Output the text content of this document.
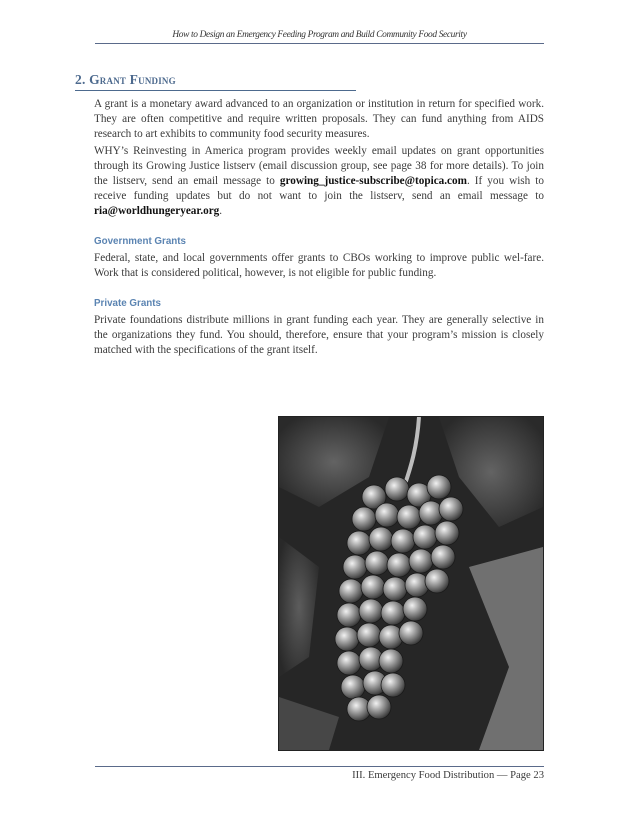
How to Design an Emergency Feeding Program and Build Community Food Security
2. Grant Funding

A grant is a monetary award advanced to an organization or institution in return for specified work. They are often competitive and require written proposals. They can fund anything from AIDS research to art exhibits to community food security measures.

WHY’s Reinvesting in America program provides weekly email updates on grant opportunities through its Growing Justice listserv (email discussion group, see page 38 for more details). To join the listserv, send an email message to growing_justice-subscribe@topica.com. If you wish to receive funding updates but do not want to join the listserv, send an email message to ria@worldhungeryear.org.

Government Grants

Federal, state, and local governments offer grants to CBOs working to improve public wel-fare. Work that is considered political, however, is not eligible for public funding.

Private Grants

Private foundations distribute millions in grant funding each year. They are generally selective in the organizations they fund. You should, therefore, ensure that your program’s mission is closely matched with the specifications of the grant itself.

III. Emergency Food Distribution — Page 23
